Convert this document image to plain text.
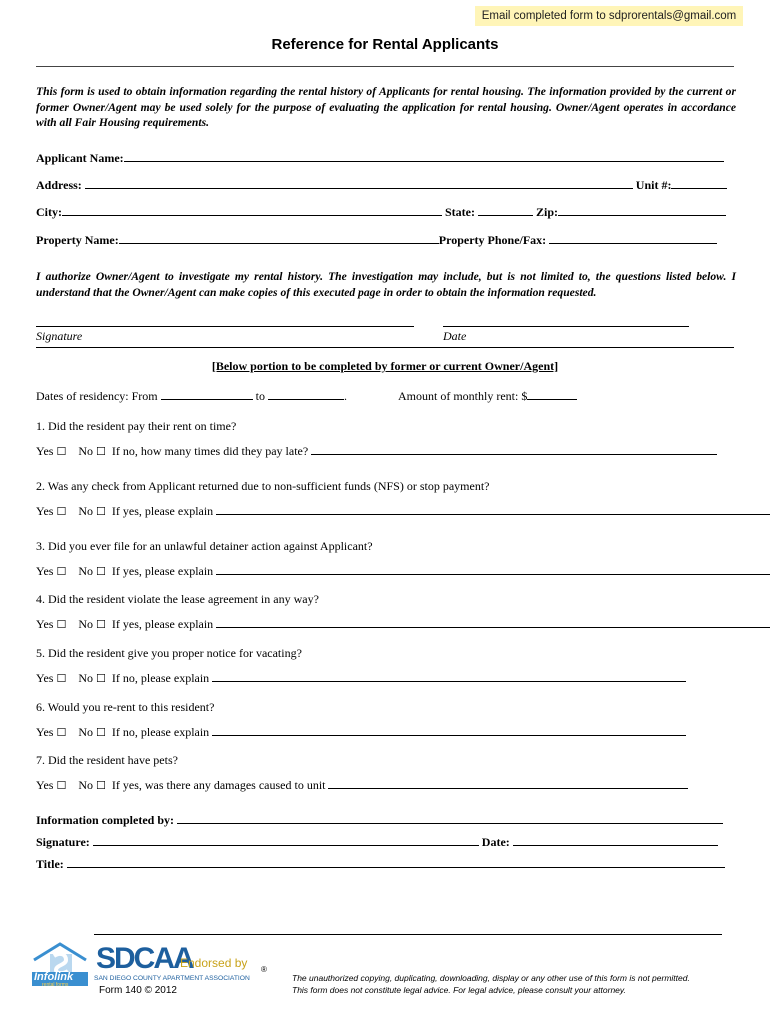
Email completed form to sdprorentals@gmail.com
Reference for Rental Applicants
This form is used to obtain information regarding the rental history of Applicants for rental housing. The information provided by the current or former Owner/Agent may be used solely for the purpose of evaluating the application for rental housing. Owner/Agent operates in accordance with all Fair Housing requirements.
Applicant Name:
Address:	Unit #:
City:	State:	Zip:
Property Name:	Property Phone/Fax:
I authorize Owner/Agent to investigate my rental history. The investigation may include, but is not limited to, the questions listed below. I understand that the Owner/Agent can make copies of this executed page in order to obtain the information requested.
Signature	Date
[Below portion to be completed by former or current Owner/Agent]
Dates of residency: From	to	.	Amount of monthly rent: $
1. Did the resident pay their rent on time?
Yes ☐ No ☐ If no, how many times did they pay late?
2. Was any check from Applicant returned due to non-sufficient funds (NFS) or stop payment?
Yes ☐ No ☐ If yes, please explain
3. Did you ever file for an unlawful detainer action against Applicant?
Yes ☐ No ☐ If yes, please explain
4. Did the resident violate the lease agreement in any way?
Yes ☐ No ☐ If yes, please explain
5. Did the resident give you proper notice for vacating?
Yes ☐ No ☐ If no, please explain
6. Would you re-rent to this resident?
Yes ☐ No ☐ If no, please explain
7. Did the resident have pets?
Yes ☐ No ☐ If yes, was there any damages caused to unit
Information completed by:
Signature:	Date:
Title:
Infolink
rental forms
SDCAA
Endorsed by
SAN DIEGO COUNTY APARTMENT ASSOCIATION
®
Form 140 © 2012
The unauthorized copying, duplicating, downloading, display or any other use of this form is not permitted.
This form does not constitute legal advice. For legal advice, please consult your attorney.
